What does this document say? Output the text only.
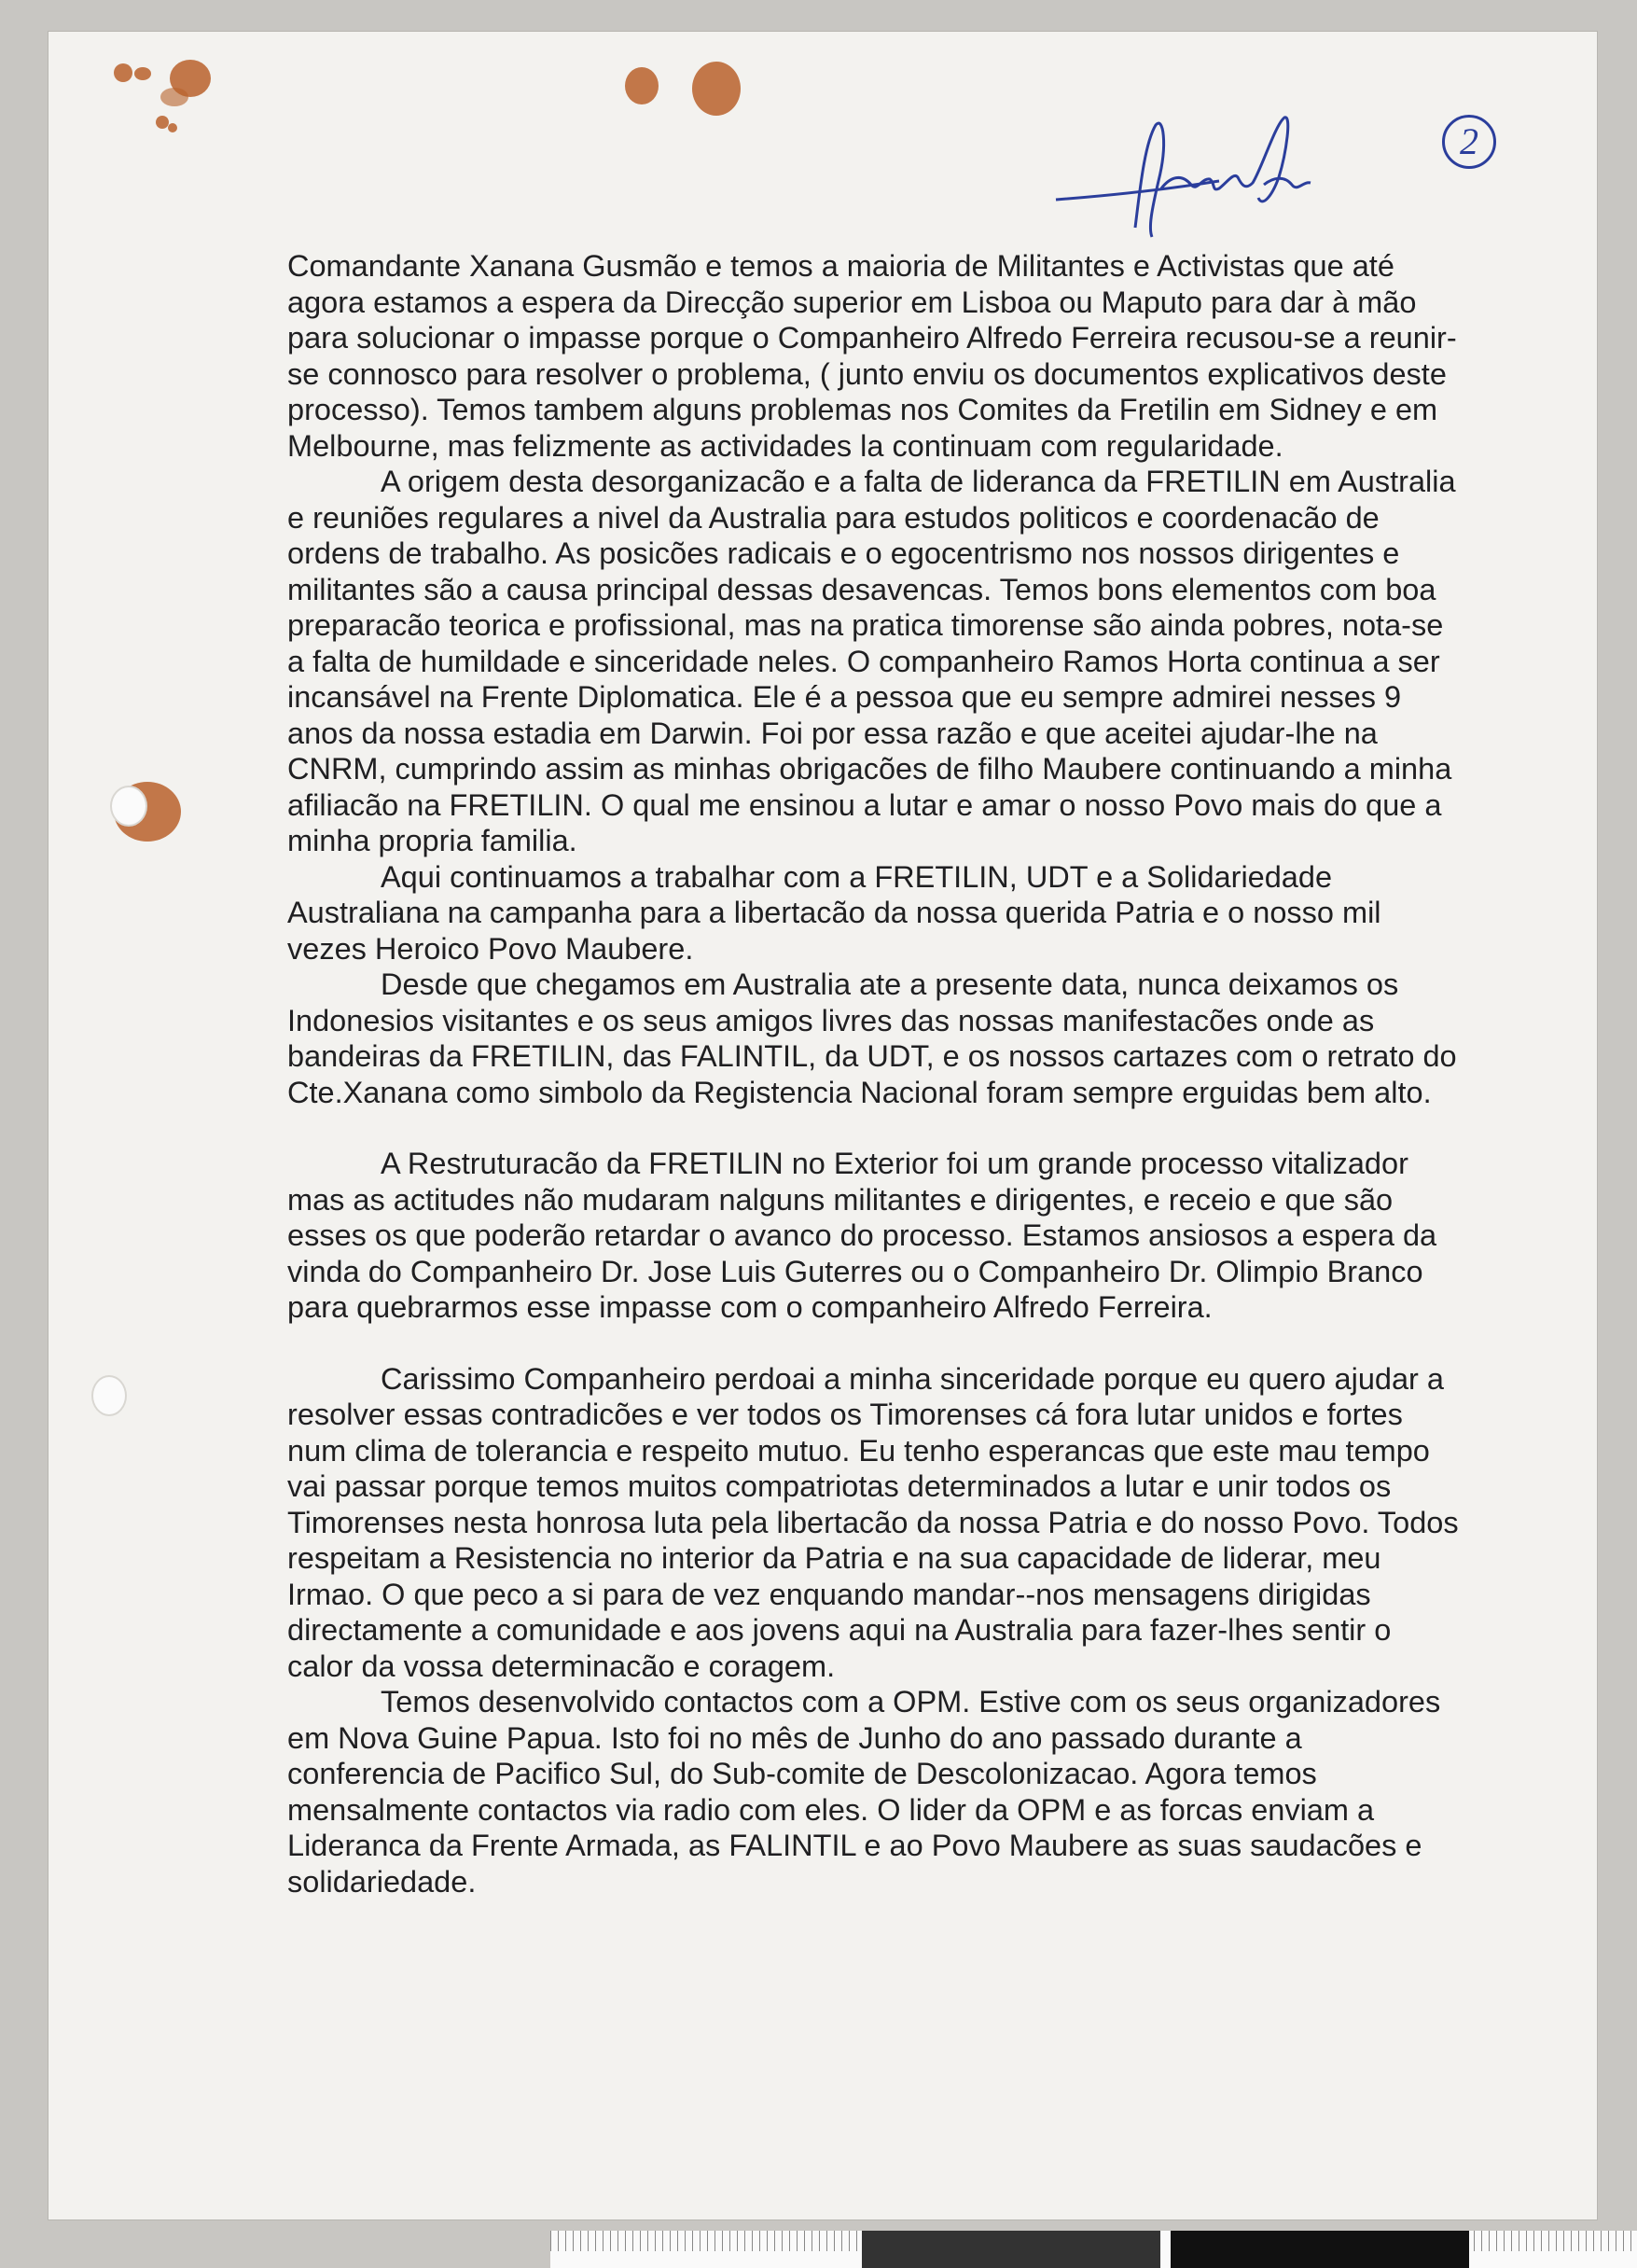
2

Comandante Xanana Gusmão e temos a maioria de Militantes e Activistas que até agora estamos a espera da Direcção superior em Lisboa ou Maputo para dar à mão para solucionar o impasse porque o Companheiro Alfredo Ferreira recusou-se a reunir-se connosco para resolver o problema, ( junto enviu os documentos explicativos deste processo). Temos tambem alguns problemas nos Comites da Fretilin em Sidney e em Melbourne, mas felizmente as actividades la continuam com regularidade.

A origem desta desorganizacão e a falta de lideranca da FRETILIN em Australia e reuniões regulares a nivel da Australia para estudos politicos e coordenacão de ordens de trabalho. As posicões radicais e o egocentrismo nos nossos dirigentes e militantes são a causa principal dessas desavencas. Temos bons elementos com boa preparacão teorica e profissional, mas na pratica timorense são ainda pobres, nota-se a falta de humildade e sinceridade neles. O companheiro Ramos Horta continua a ser incansável na Frente Diplomatica. Ele é a pessoa que eu sempre admirei nesses 9 anos da nossa estadia em Darwin. Foi por essa razão e que aceitei ajudar-lhe na CNRM, cumprindo assim as minhas obrigacões de filho Maubere continuando a minha afiliacão na FRETILIN. O qual me ensinou a lutar e amar o nosso Povo mais do que a minha propria familia.

Aqui continuamos a trabalhar com a FRETILIN, UDT e a Solidariedade Australiana na campanha para a libertacão da nossa querida Patria e o nosso mil vezes Heroico Povo Maubere.

Desde que chegamos em Australia ate a presente data, nunca deixamos os Indonesios visitantes e os seus amigos livres das nossas manifestacões onde as bandeiras da FRETILIN, das FALINTIL, da UDT, e os nossos cartazes com o retrato do Cte.Xanana como simbolo da Registencia Nacional foram sempre erguidas bem alto.

A Restruturacão da FRETILIN no Exterior foi um grande processo vitalizador mas as actitudes não mudaram nalguns militantes e dirigentes, e receio e que são esses os que poderão retardar o avanco do processo. Estamos ansiosos a espera da vinda do Companheiro Dr. Jose Luis Guterres ou o Companheiro Dr. Olimpio Branco para quebrarmos esse impasse com o companheiro Alfredo Ferreira.

Carissimo Companheiro perdoai a minha sinceridade porque eu quero ajudar a resolver essas contradicões e ver todos os Timorenses cá fora lutar unidos e fortes num clima de tolerancia e respeito mutuo. Eu tenho esperancas que este mau tempo vai passar porque temos muitos compatriotas determinados a lutar e unir todos os Timorenses nesta honrosa luta pela libertacão da nossa Patria e do nosso Povo. Todos respeitam a Resistencia no interior da Patria e na sua capacidade de liderar, meu Irmao. O que peco a si para de vez enquando mandar--nos mensagens dirigidas directamente a comunidade e aos jovens aqui na Australia para fazer-lhes sentir o calor da vossa determinacão e coragem.

Temos desenvolvido contactos com a OPM. Estive com os seus organizadores em Nova Guine Papua. Isto foi no mês de Junho do ano passado durante a conferencia de Pacifico Sul, do Sub-comite de Descolonizacao. Agora temos mensalmente contactos via radio com eles. O lider da OPM e as forcas enviam a Lideranca da Frente Armada, as FALINTIL e ao Povo Maubere as suas saudacões e solidariedade.
